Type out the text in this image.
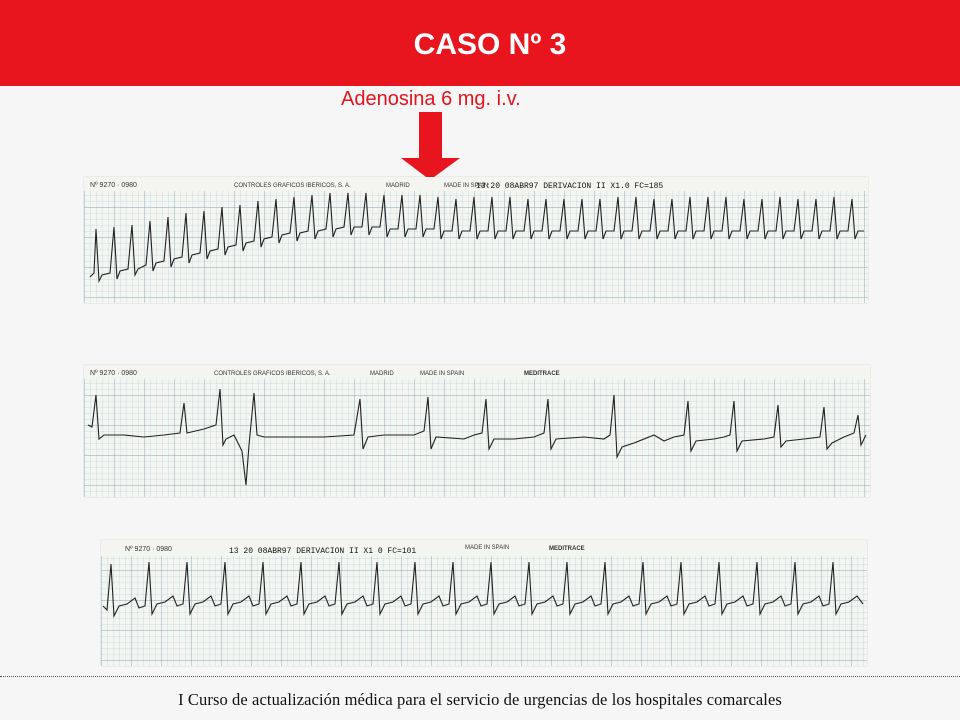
CASO Nº 3
Adenosina 6 mg. i.v.
Nº 9270 · 0980	CONTROLES GRAFICOS IBERICOS, S. A.	MADRID	MADE IN SPAIN
13:20 08ABR97 DERIVACION II X1.0 FC=185
Nº 9270 · 0980	CONTROLES GRAFICOS IBERICOS, S. A.	MADRID	MADE IN SPAIN	MEDITRACE
Nº 9270 · 0980	13 20 08ABR97 DERIVACION II X1 0 FC=101	MADE IN SPAIN	MEDITRACE
I Curso de actualización médica para el servicio de urgencias de los hospitales comarcales
